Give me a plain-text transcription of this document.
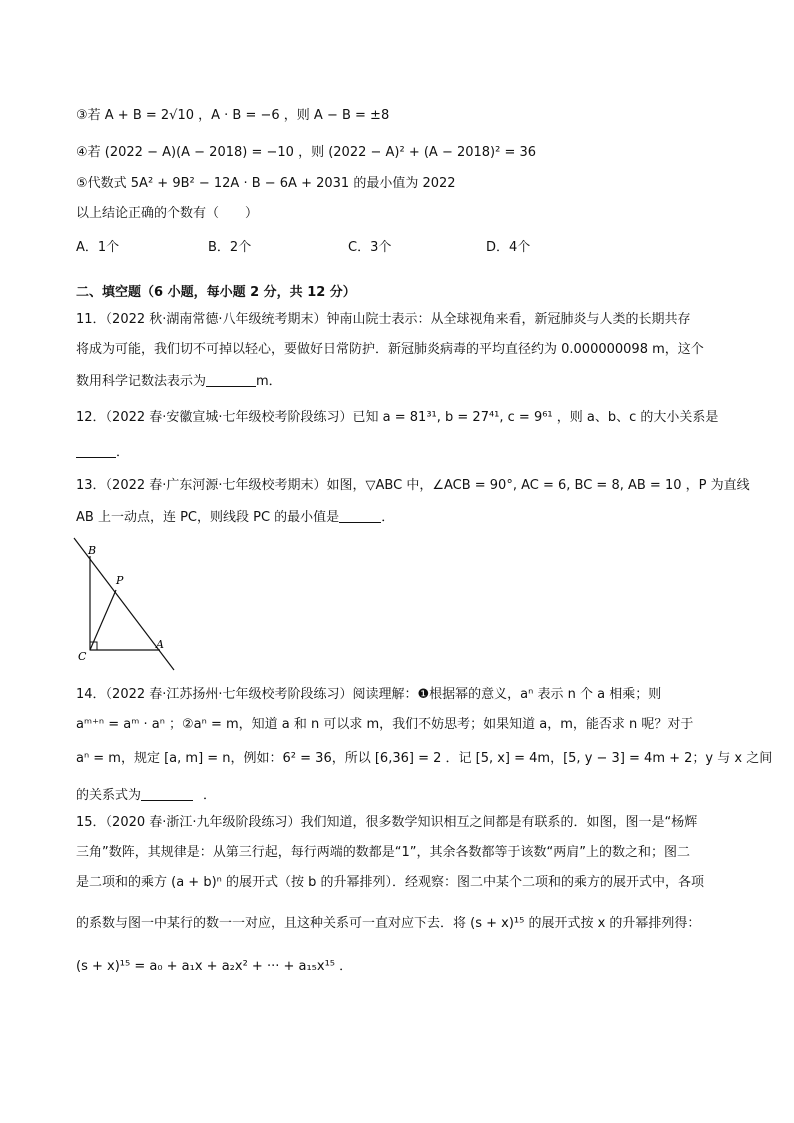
③若 A + B = 2√10 ，A · B = −6 ，则 A − B = ±8
④若 (2022 − A)(A − 2018) = −10 ，则 (2022 − A)² + (A − 2018)² = 36
⑤代数式 5A² + 9B² − 12A · B − 6A + 2031 的最小值为 2022
以上结论正确的个数有（　　）
A．1个	B．2个	C．3个	D．4个
二、填空题（6 小题，每小题 2 分，共 12 分）
11．（2022 秋·湖南常德·八年级统考期末）钟南山院士表示：从全球视角来看，新冠肺炎与人类的长期共存
将成为可能，我们切不可掉以轻心，要做好日常防护．新冠肺炎病毒的平均直径约为 0.000000098 m，这个
数用科学记数法表示为	m．
12．（2022 春·安徽宣城·七年级校考阶段练习）已知 a = 81³¹, b = 27⁴¹, c = 9⁶¹ ，则 a、b、c 的大小关系是
．
13．（2022 春·广东河源·七年级校考期末）如图，▽ABC 中，∠ACB = 90°, AC = 6, BC = 8, AB = 10 ，P 为直线
AB 上一动点，连 PC，则线段 PC 的最小值是	．
B
P
A
C
14．（2022 春·江苏扬州·七年级校考阶段练习）阅读理解：❶根据幂的意义，aⁿ 表示 n 个 a 相乘；则
aᵐ⁺ⁿ = aᵐ · aⁿ ；②aⁿ = m，知道 a 和 n 可以求 m，我们不妨思考；如果知道 a，m，能否求 n 呢？对于
aⁿ = m，规定 [a, m] = n，例如：6² = 36，所以 [6,36] = 2 ．记 [5, x] = 4m，[5, y − 3] = 4m + 2；y 与 x 之间
的关系式为	．
15．（2020 春·浙江·九年级阶段练习）我们知道，很多数学知识相互之间都是有联系的．如图，图一是“杨辉
三角”数阵，其规律是：从第三行起，每行两端的数都是“1”，其余各数都等于该数“两肩”上的数之和；图二
是二项和的乘方 (a + b)ⁿ 的展开式（按 b 的升幂排列）．经观察：图二中某个二项和的乘方的展开式中，各项
的系数与图一中某行的数一一对应，且这种关系可一直对应下去．将 (s + x)¹⁵ 的展开式按 x 的升幂排列得：
(s + x)¹⁵ = a₀ + a₁x + a₂x² + ··· + a₁₅x¹⁵ ．
